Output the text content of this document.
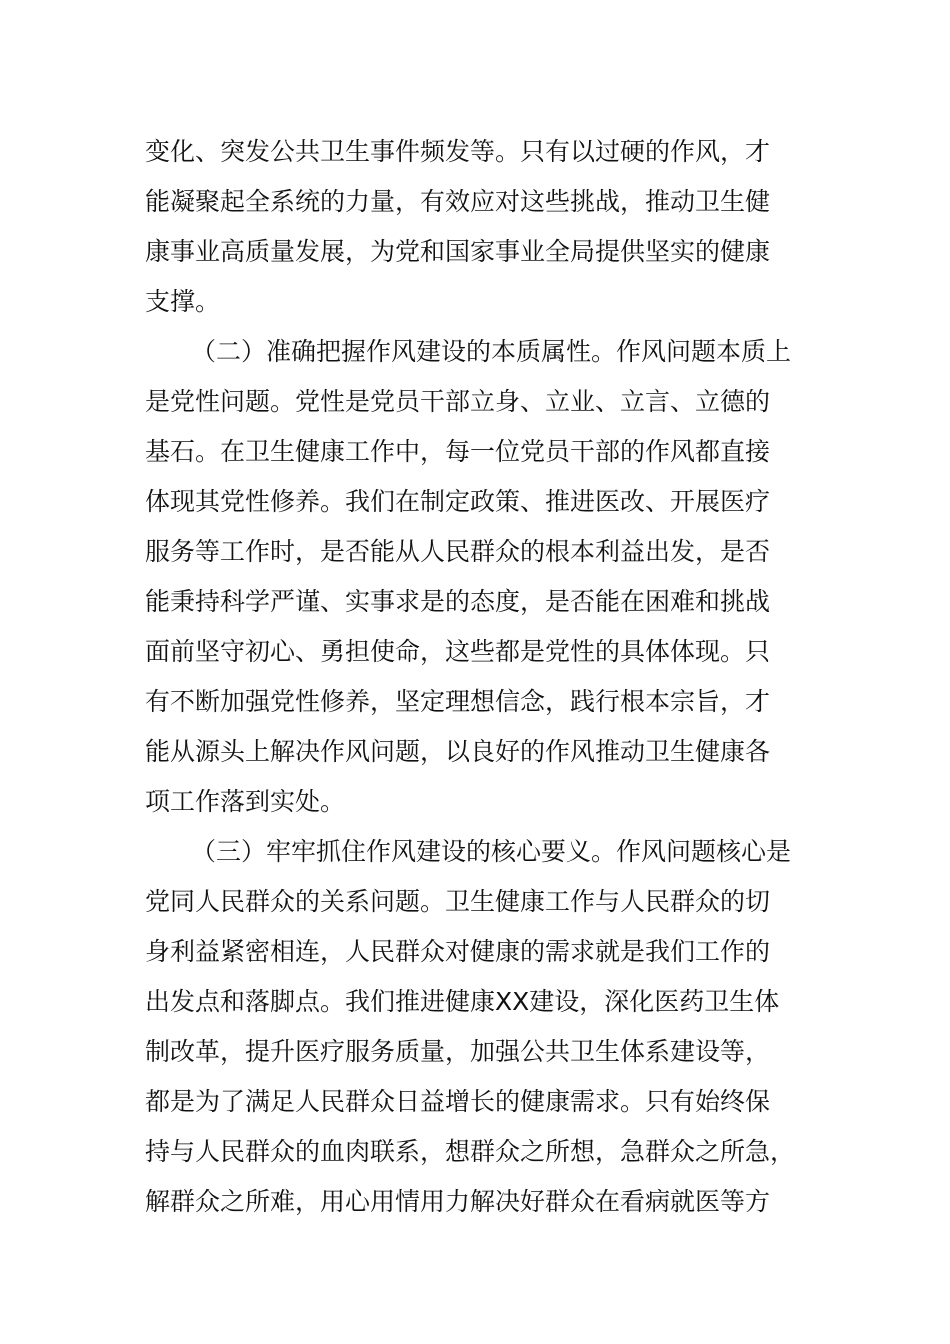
变化、突发公共卫生事件频发等。只有以过硬的作风，才
能凝聚起全系统的力量，有效应对这些挑战，推动卫生健
康事业高质量发展，为党和国家事业全局提供坚实的健康
支撑。
（二）准确把握作风建设的本质属性。作风问题本质上
是党性问题。党性是党员干部立身、立业、立言、立德的
基石。在卫生健康工作中，每一位党员干部的作风都直接
体现其党性修养。我们在制定政策、推进医改、开展医疗
服务等工作时，是否能从人民群众的根本利益出发，是否
能秉持科学严谨、实事求是的态度，是否能在困难和挑战
面前坚守初心、勇担使命，这些都是党性的具体体现。只
有不断加强党性修养，坚定理想信念，践行根本宗旨，才
能从源头上解决作风问题，以良好的作风推动卫生健康各
项工作落到实处。
（三）牢牢抓住作风建设的核心要义。作风问题核心是
党同人民群众的关系问题。卫生健康工作与人民群众的切
身利益紧密相连，人民群众对健康的需求就是我们工作的
出发点和落脚点。我们推进健康XX建设，深化医药卫生体
制改革，提升医疗服务质量，加强公共卫生体系建设等，
都是为了满足人民群众日益增长的健康需求。只有始终保
持与人民群众的血肉联系，想群众之所想，急群众之所急，
解群众之所难，用心用情用力解决好群众在看病就医等方
